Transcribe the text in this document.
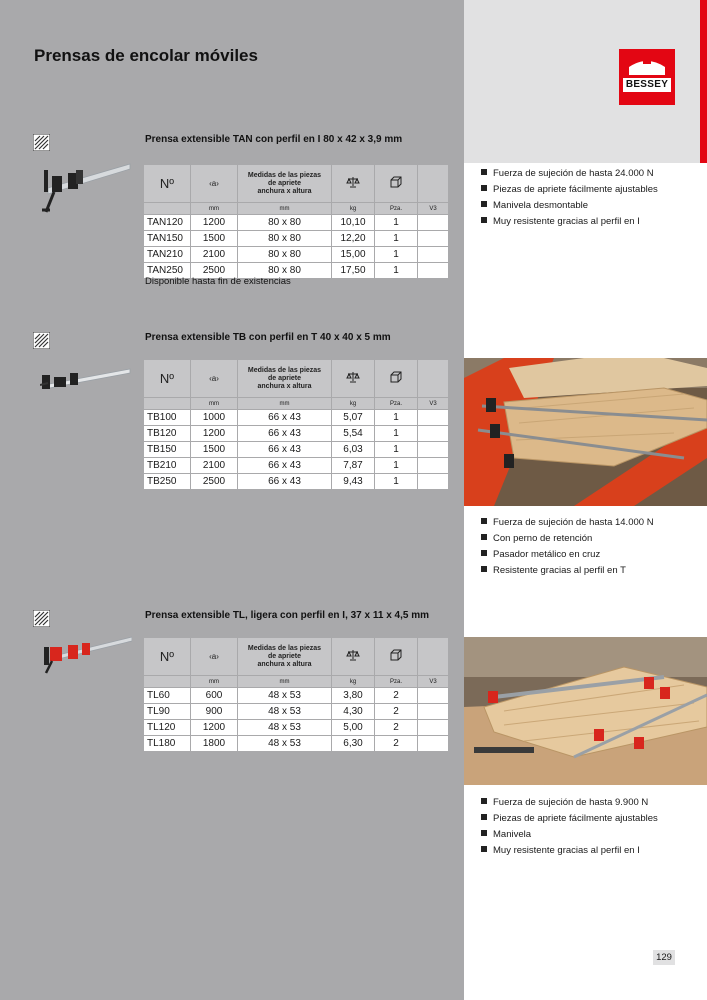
Prensas de encolar móviles
BESSEY
Prensa extensible TAN con perfil en I 80 x 42 x 3,9 mm
Nº	‹a›	Medidas de las piezas
de apriete
anchura x altura			
	mm	mm	kg	Pza.	V3
TAN120	1200	80 x 80	10,10	1	
TAN150	1500	80 x 80	12,20	1	
TAN210	2100	80 x 80	15,00	1	
TAN250	2500	80 x 80	17,50	1	

Disponible hasta fin de existencias

Fuerza de sujeción de hasta 24.000 N
Piezas de apriete fácilmente ajustables
Manivela desmontable
Muy resistente gracias al perfil en I
Prensa extensible TB con perfil en T 40 x 40 x 5 mm
Nº	‹a›	Medidas de las piezas
de apriete
anchura x altura			
	mm	mm	kg	Pza.	V3
TB100	1000	66 x 43	5,07	1	
TB120	1200	66 x 43	5,54	1	
TB150	1500	66 x 43	6,03	1	
TB210	2100	66 x 43	7,87	1	
TB250	2500	66 x 43	9,43	1	
Fuerza de sujeción de hasta 14.000 N
Con perno de retención
Pasador metálico en cruz
Resistente gracias al perfil en T
Prensa extensible TL, ligera con perfil en I, 37 x 11 x 4,5 mm
Nº	‹a›	Medidas de las piezas
de apriete
anchura x altura			
	mm	mm	kg	Pza.	V3
TL60	600	48 x 53	3,80	2	
TL90	900	48 x 53	4,30	2	
TL120	1200	48 x 53	5,00	2	
TL180	1800	48 x 53	6,30	2	
Fuerza de sujeción de hasta 9.900 N
Piezas de apriete fácilmente ajustables
Manivela
Muy resistente gracias al perfil en I
129
